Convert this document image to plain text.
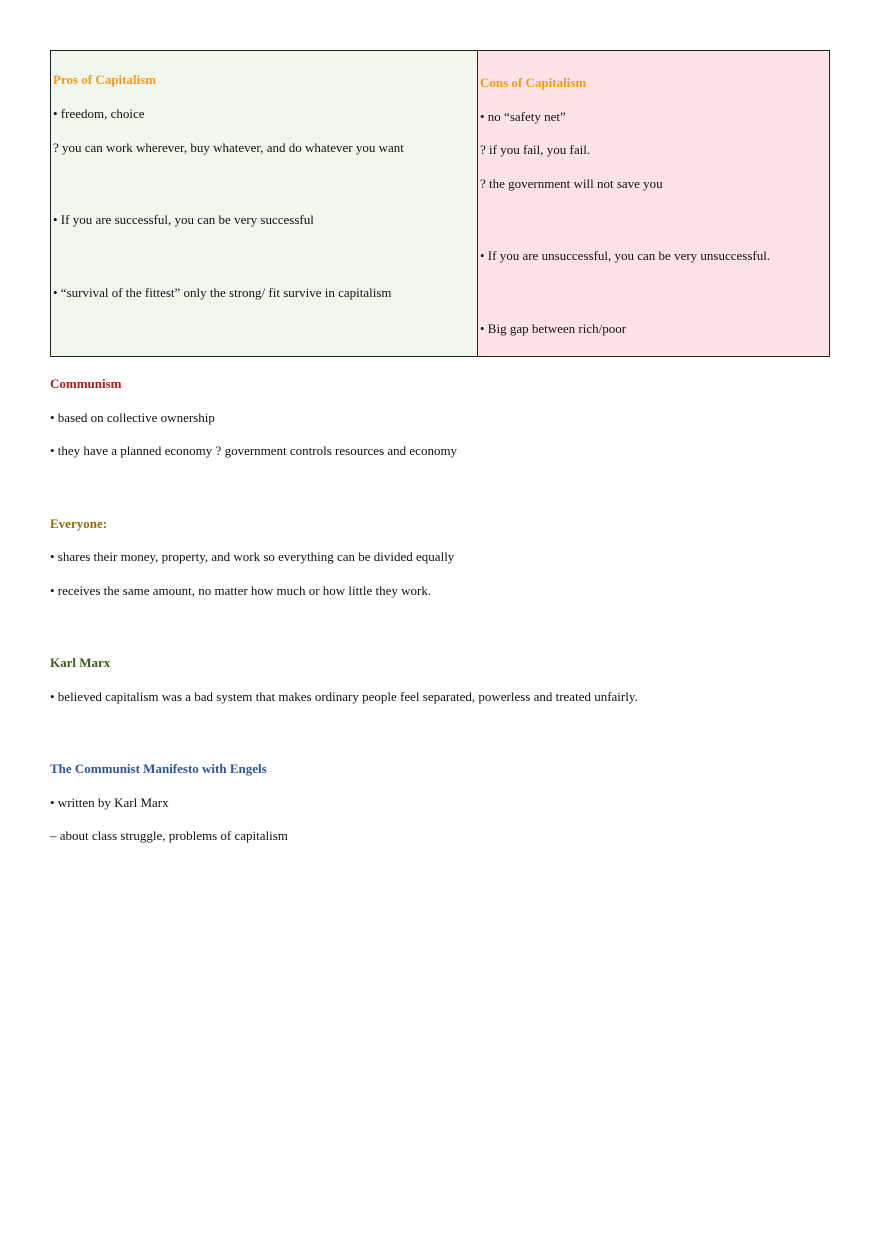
Pros of Capitalism
• freedom, choice
? you can work wherever, buy whatever, and do whatever you want
• If you are successful, you can be very successful
• “survival of the fittest” only the strong/ fit survive in capitalism
Cons of Capitalism
• no “safety net”
? if you fail, you fail.
? the government will not save you
• If you are unsuccessful, you can be very unsuccessful.
• Big gap between rich/poor
Communism
• based on collective ownership
• they have a planned economy ? government controls resources and economy
Everyone:
• shares their money, property, and work so everything can be divided equally
• receives the same amount, no matter how much or how little they work.
Karl Marx
• believed capitalism was a bad system that makes ordinary people feel separated, powerless and treated unfairly.
The Communist Manifesto with Engels
• written by Karl Marx
– about class struggle, problems of capitalism
